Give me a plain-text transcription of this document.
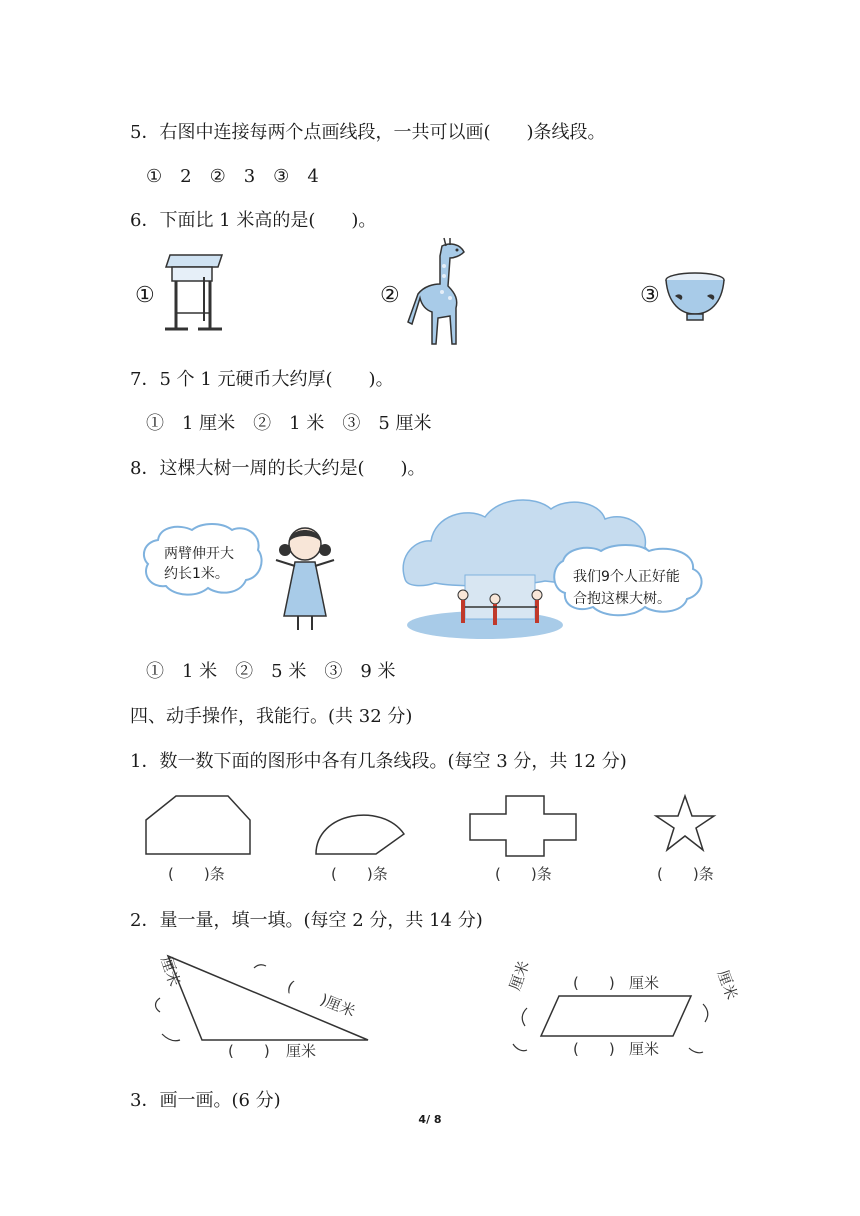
5．右图中连接每两个点画线段，一共可以画(　　)条线段。
①　2　②　3　③　4
6．下面比 1 米高的是(　　)。
①	②	③
7．5 个 1 元硬币大约厚(　　)。
①　1 厘米　②　1 米　③　5 厘米
8．这棵大树一周的长大约是(　　)。
两臂伸开大
约长1米。	我们9个人正好能
合抱这棵大树。
①　1 米　②　5 米　③　9 米
四、动手操作，我能行。(共 32 分)
1．数一数下面的图形中各有几条线段。(每空 3 分，共 12 分)
(　　)条	(　　)条	(　　)条	(　　)条
2．量一量，填一填。(每空 2 分，共 14 分)
厘米
(　　)厘米
(　　) 厘米
(　　) 厘米
(　　) 厘米
厘米	厘米
3．画一画。(6 分)
4/ 8
